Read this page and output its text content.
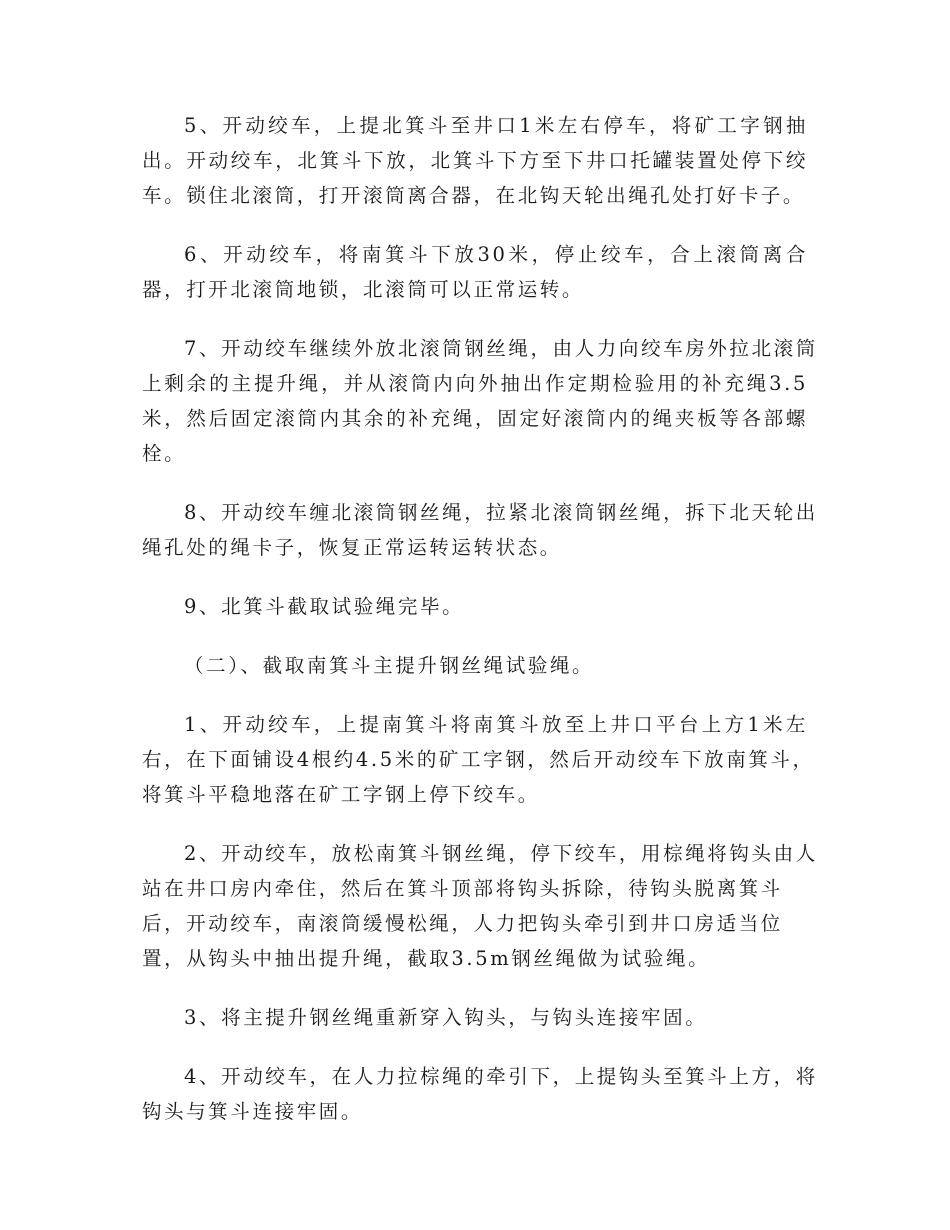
5、开动绞车，上提北箕斗至井口1米左右停车，将矿工字钢抽
出。开动绞车，北箕斗下放，北箕斗下方至下井口托罐装置处停下绞
车。锁住北滚筒，打开滚筒离合器，在北钩天轮出绳孔处打好卡子。
6、开动绞车，将南箕斗下放30米，停止绞车，合上滚筒离合
器，打开北滚筒地锁，北滚筒可以正常运转。
7、开动绞车继续外放北滚筒钢丝绳，由人力向绞车房外拉北滚筒
上剩余的主提升绳，并从滚筒内向外抽出作定期检验用的补充绳3.5
米，然后固定滚筒内其余的补充绳，固定好滚筒内的绳夹板等各部螺
栓。
8、开动绞车缠北滚筒钢丝绳，拉紧北滚筒钢丝绳，拆下北天轮出
绳孔处的绳卡子，恢复正常运转运转状态。
9、北箕斗截取试验绳完毕。
（二）、截取南箕斗主提升钢丝绳试验绳。
1、开动绞车，上提南箕斗将南箕斗放至上井口平台上方1米左
右，在下面铺设4根约4.5米的矿工字钢，然后开动绞车下放南箕斗，
将箕斗平稳地落在矿工字钢上停下绞车。
2、开动绞车，放松南箕斗钢丝绳，停下绞车，用棕绳将钩头由人
站在井口房内牵住，然后在箕斗顶部将钩头拆除，待钩头脱离箕斗
后，开动绞车，南滚筒缓慢松绳，人力把钩头牵引到井口房适当位
置，从钩头中抽出提升绳，截取3.5m钢丝绳做为试验绳。
3、将主提升钢丝绳重新穿入钩头，与钩头连接牢固。
4、开动绞车，在人力拉棕绳的牵引下，上提钩头至箕斗上方，将
钩头与箕斗连接牢固。
